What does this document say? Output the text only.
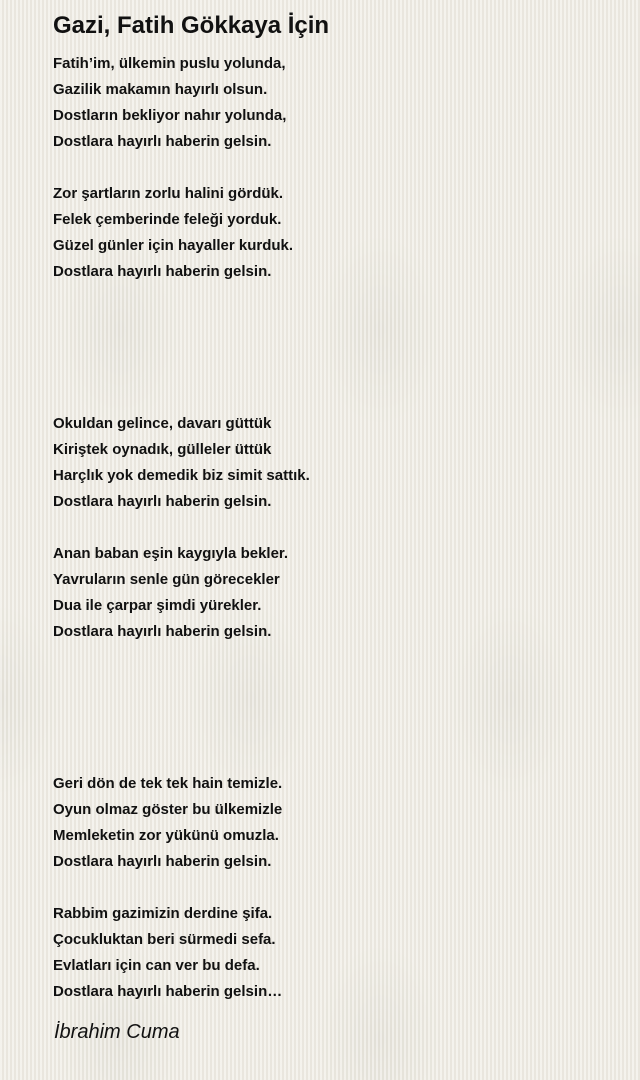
Gazi, Fatih Gökkaya İçin
Fatih’im, ülkemin puslu yolunda,
Gazilik makamın hayırlı olsun.
Dostların bekliyor nahır yolunda,
Dostlara hayırlı haberin gelsin.
Zor şartların zorlu halini gördük.
Felek çemberinde feleği yorduk.
Güzel günler için hayaller kurduk.
Dostlara hayırlı haberin gelsin.
Okuldan gelince, davarı güttük
Kiriştek oynadık, gülleler üttük
Harçlık yok demedik biz simit sattık.
Dostlara hayırlı haberin gelsin.
Anan baban eşin kaygıyla bekler.
Yavruların senle gün görecekler
Dua ile çarpar şimdi yürekler.
Dostlara hayırlı haberin gelsin.
Geri dön de tek tek hain temizle.
Oyun olmaz göster bu ülkemizle
Memleketin zor yükünü omuzla.
Dostlara hayırlı haberin gelsin.
Rabbim gazimizin derdine şifa.
Çocukluktan beri sürmedi sefa.
Evlatları için can ver bu defa.
Dostlara hayırlı haberin gelsin…
İbrahim Cuma
